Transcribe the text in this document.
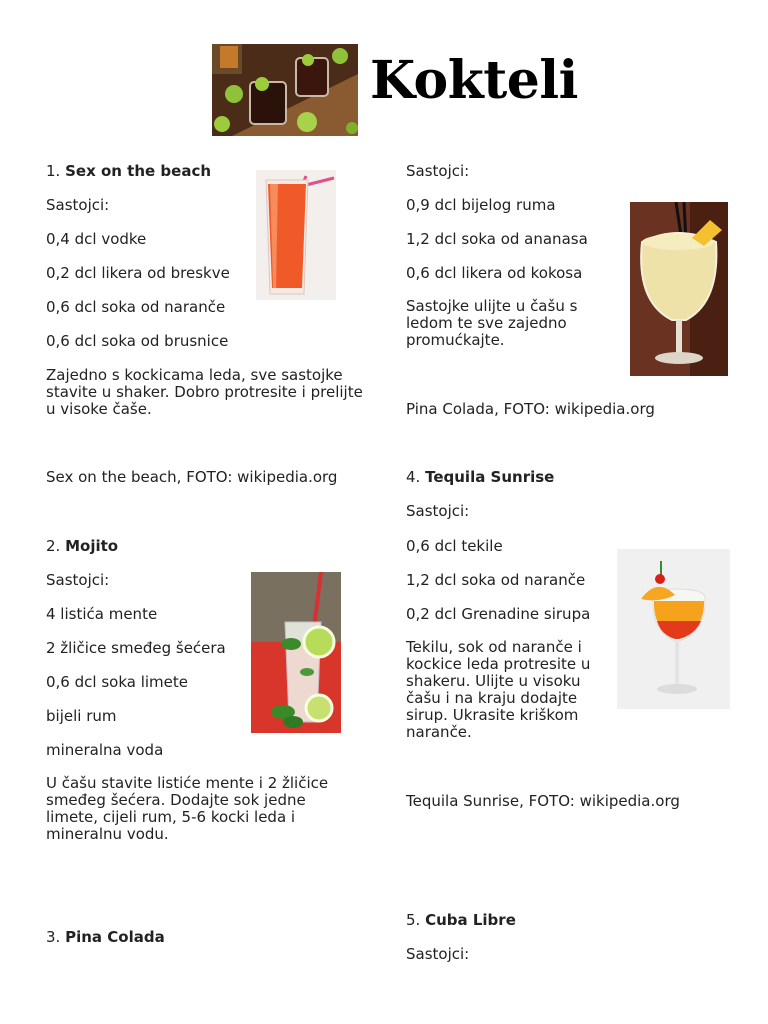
Kokteli
1. Sex on the beach
Sastojci:
0,4 dcl vodke
0,2 dcl likera od breskve
0,6 dcl soka od naranče
0,6 dcl soka od brusnice
Zajedno s kockicama leda, sve sastojke stavite u shaker. Dobro protresite i prelijte u visoke čaše.
Sex on the beach, FOTO: wikipedia.org
2. Mojito
Sastojci:
4 listića mente
2 žličice smeđeg šećera
0,6 dcl soka limete
bijeli rum
mineralna voda
U čašu stavite listiće mente i 2 žličice smeđeg šećera. Dodajte sok jedne limete, cijeli rum, 5-6 kocki leda i mineralnu vodu.
3. Pina Colada
Sastojci:
0,9 dcl bijelog ruma
1,2 dcl soka od ananasa
0,6 dcl likera od kokosa
Sastojke ulijte u čašu s ledom te sve zajedno promućkajte.
Pina Colada, FOTO: wikipedia.org
4. Tequila Sunrise
Sastojci:
0,6 dcl tekile
1,2 dcl soka od naranče
0,2 dcl Grenadine sirupa
Tekilu, sok od naranče i kockice leda protresite u shakeru. Ulijte u visoku čašu i na kraju dodajte sirup. Ukrasite kriškom naranče.
Tequila Sunrise, FOTO: wikipedia.org
5. Cuba Libre
Sastojci:
